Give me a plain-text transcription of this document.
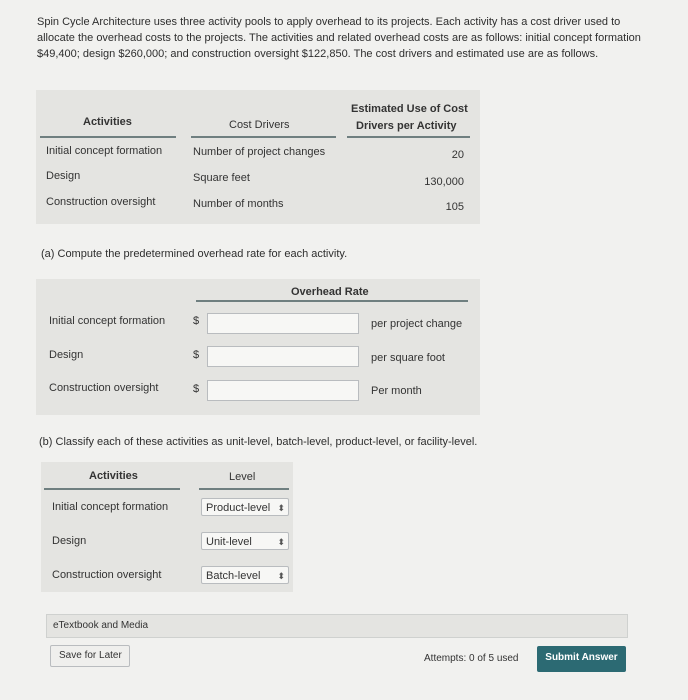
Spin Cycle Architecture uses three activity pools to apply overhead to its projects. Each activity has a cost driver used to allocate the overhead costs to the projects. The activities and related overhead costs are as follows: initial concept formation $49,400; design $260,000; and construction oversight $122,850. The cost drivers and estimated use are as follows.
Activities	Cost Drivers
Estimated Use of Cost
Drivers per Activity
Initial concept formation	Number of project changes	20
Design	Square feet	130,000
Construction oversight	Number of months	105
(a) Compute the predetermined overhead rate for each activity.
Overhead Rate
Initial concept formation	$	per project change
Design	$	per square foot
Construction oversight	$	Per month
(b) Classify each of these activities as unit-level, batch-level, product-level, or facility-level.
Activities	Level
Initial concept formation	Product-level ⬍
Design	Unit-level	⬍
Construction oversight	Batch-level ⬍
eTextbook and Media
Save for Later	Attempts: 0 of 5 used	Submit Answer
